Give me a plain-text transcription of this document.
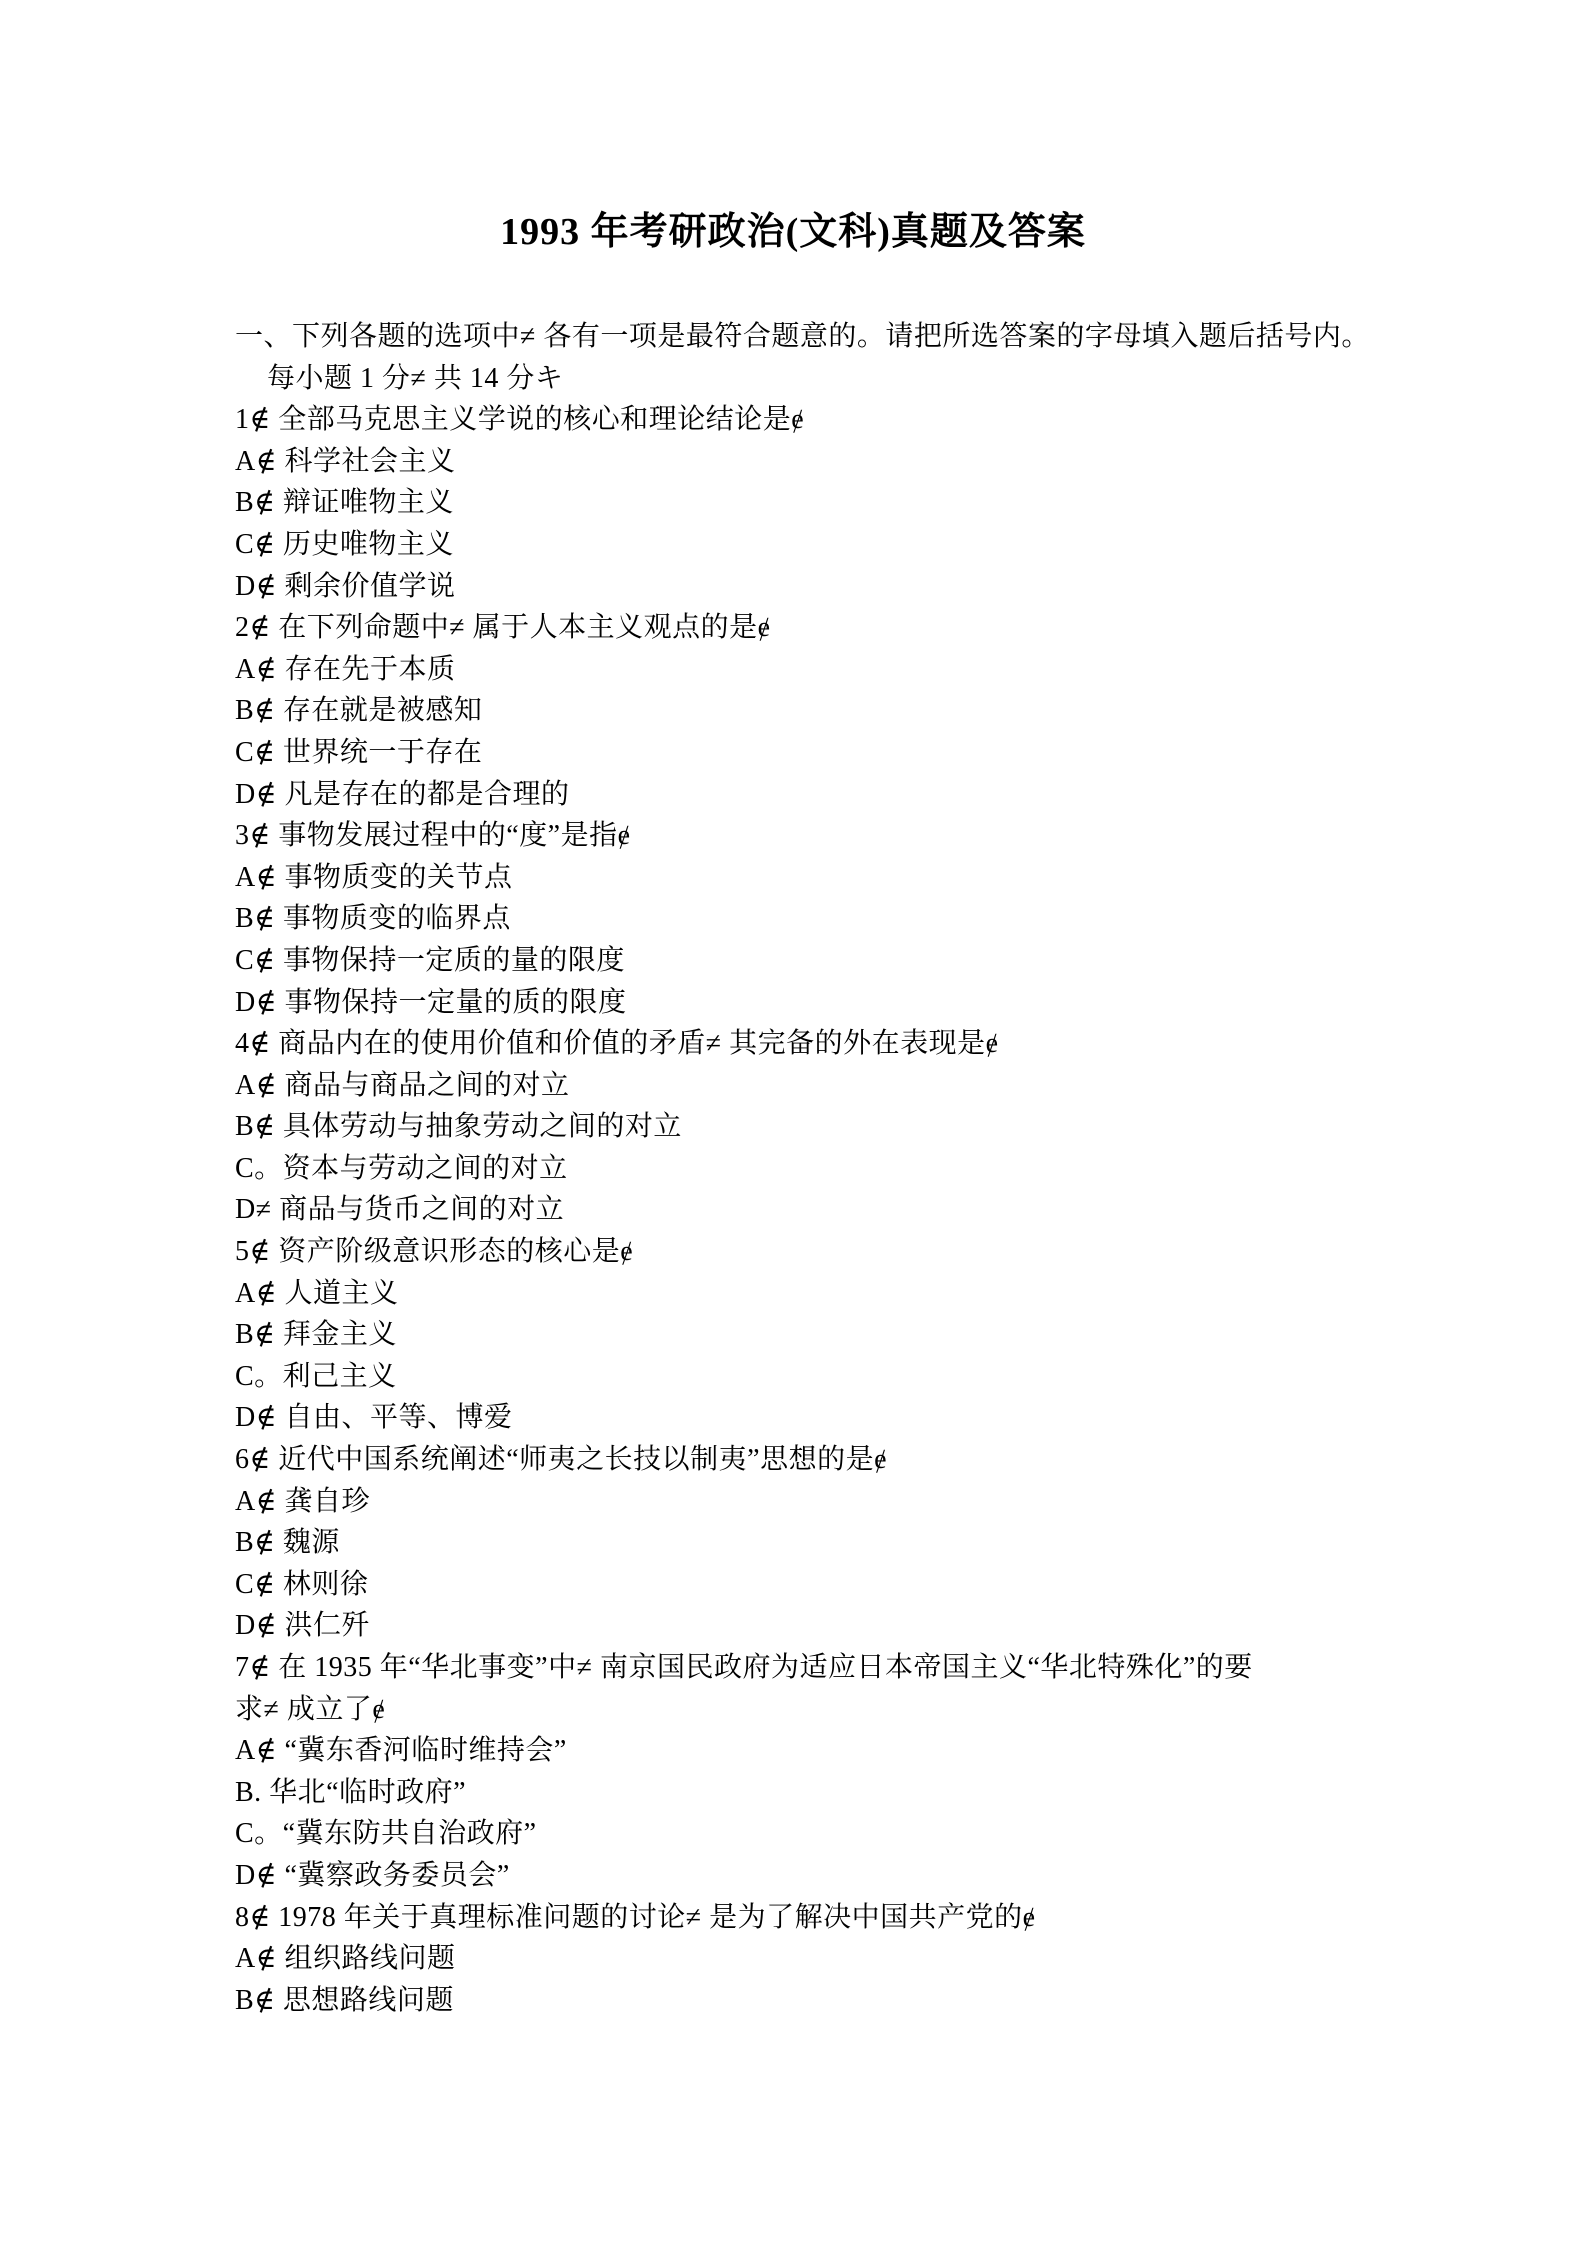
1993 年考研政治(文科)真题及答案
一、下列各题的选项中≠ 各有一项是最符合题意的。请把所选答案的字母填入题后括号内。
每小题 1 分≠ 共 14 分キ
1∉ 全部马克思主义学说的核心和理论结论是ɇ
A∉ 科学社会主义
B∉ 辩证唯物主义
C∉ 历史唯物主义
D∉ 剩余价值学说
2∉ 在下列命题中≠ 属于人本主义观点的是ɇ
A∉ 存在先于本质
B∉ 存在就是被感知
C∉ 世界统一于存在
D∉ 凡是存在的都是合理的
3∉ 事物发展过程中的“度”是指ɇ
A∉ 事物质变的关节点
B∉ 事物质变的临界点
C∉ 事物保持一定质的量的限度
D∉ 事物保持一定量的质的限度
4∉ 商品内在的使用价值和价值的矛盾≠ 其完备的外在表现是ɇ
A∉ 商品与商品之间的对立
B∉ 具体劳动与抽象劳动之间的对立
C。资本与劳动之间的对立
D≠ 商品与货币之间的对立
5∉ 资产阶级意识形态的核心是ɇ
A∉ 人道主义
B∉ 拜金主义
C。利己主义
D∉ 自由、平等、博爱
6∉ 近代中国系统阐述“师夷之长技以制夷”思想的是ɇ
A∉ 龚自珍
B∉ 魏源
C∉ 林则徐
D∉ 洪仁歼
7∉ 在 1935 年“华北事变”中≠ 南京国民政府为适应日本帝国主义“华北特殊化”的要
求≠ 成立了ɇ
A∉ “冀东香河临时维持会”
B. 华北“临时政府”
C。“冀东防共自治政府”
D∉ “冀察政务委员会”
8∉ 1978 年关于真理标准问题的讨论≠ 是为了解决中国共产党的ɇ
A∉ 组织路线问题
B∉ 思想路线问题
